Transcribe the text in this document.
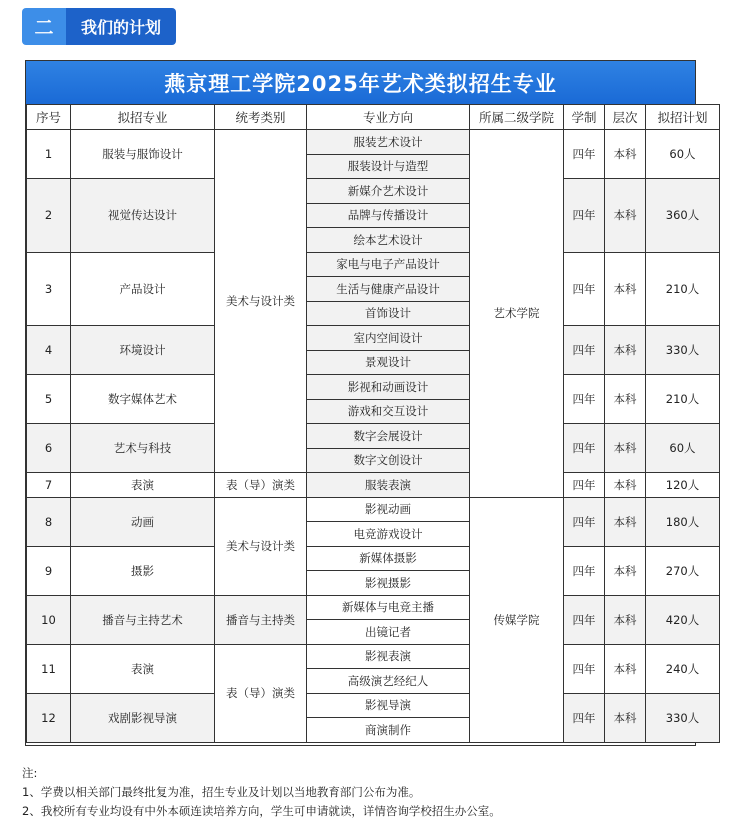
二	我们的计划
燕京理工学院2025年艺术类拟招生专业
序号	拟招专业	统考类别	专业方向	所属二级学院	学制	层次	拟招计划
1	服装与服饰设计	美术与设计类	服装艺术设计	艺术学院	四年	本科	60人
			服装设计与造型				
2	视觉传达设计		新媒介艺术设计		四年	本科	360人
			品牌与传播设计				
			绘本艺术设计				
3	产品设计		家电与电子产品设计		四年	本科	210人
			生活与健康产品设计				
			首饰设计				
4	环境设计		室内空间设计		四年	本科	330人
			景观设计				
5	数字媒体艺术		影视和动画设计		四年	本科	210人
			游戏和交互设计				
6	艺术与科技		数字会展设计		四年	本科	60人
			数字文创设计				
7	表演	表（导）演类	服装表演		四年	本科	120人
8	动画	美术与设计类	影视动画	传媒学院	四年	本科	180人
			电竞游戏设计				
9	摄影		新媒体摄影		四年	本科	270人
			影视摄影				
10	播音与主持艺术	播音与主持类	新媒体与电竞主播		四年	本科	420人
			出镜记者				
11	表演	表（导）演类	影视表演		四年	本科	240人
			高级演艺经纪人				
12	戏剧影视导演		影视导演		四年	本科	330人
			商演制作				
注:
1、学费以相关部门最终批复为准，招生专业及计划以当地教育部门公布为准。
2、我校所有专业均设有中外本硕连读培养方向，学生可申请就读，详情咨询学校招生办公室。
